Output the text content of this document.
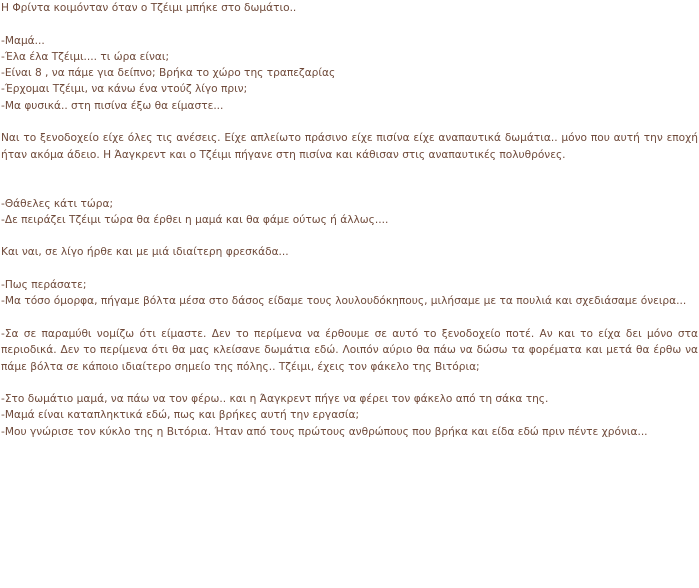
Η Φρίντα κοιμόνταν όταν ο Τζέιμι μπήκε στο δωμάτιο..

-Μαμά...

-Έλα έλα Τζέιμι.... τι ώρα είναι;

-Είναι 8 , να πάμε για δείπνο; Βρήκα το χώρο της τραπεζαρίας

-Έρχομαι Τζέιμι, να κάνω ένα ντούζ λίγο πριν;

-Μα φυσικά.. στη πισίνα έξω θα είμαστε...

Ναι το ξενοδοχείο είχε όλες τις ανέσεις. Είχε απλείωτο πράσινο είχε πισίνα είχε αναπαυτικά δωμάτια.. μόνο που αυτή την εποχή ήταν ακόμα άδειο. Η Άαγκρεντ και ο Τζέιμι πήγανε στη πισίνα και κάθισαν στις αναπαυτικές πολυθρόνες.

-Θάθελες κάτι τώρα;

-Δε πειράζει Τζέιμι τώρα θα έρθει η μαμά και θα φάμε ούτως ή άλλως....

Και ναι, σε λίγο ήρθε και με μιά ιδιαίτερη φρεσκάδα...

-Πως περάσατε;

-Μα τόσο όμορφα, πήγαμε βόλτα μέσα στο δάσος είδαμε τους λουλουδόκηπους, μιλήσαμε με τα πουλιά και σχεδιάσαμε όνειρα...
-Σα σε παραμύθι νομίζω ότι είμαστε. Δεν το περίμενα να έρθουμε σε αυτό το ξενοδοχείο ποτέ. Αν και το είχα δει μόνο στα περιοδικά. Δεν το περίμενα ότι θα μας κλείσανε δωμάτια εδώ. Λοιπόν αύριο θα πάω να δώσω τα φορέματα και μετά θα έρθω να πάμε βόλτα σε κάποιο ιδιαίτερο σημείο της πόλης.. Τζέιμι, έχεις τον φάκελο της Βιτόρια;

-Στο δωμάτιο μαμά, να πάω να τον φέρω.. και η Άαγκρεντ πήγε να φέρει τον φάκελο από τη σάκα της.

-Μαμά είναι καταπληκτικά εδώ, πως και βρήκες αυτή την εργασία;

-Μου γνώρισε τον κύκλο της η Βιτόρια. Ήταν από τους πρώτους ανθρώπους που βρήκα και είδα εδώ πριν πέντε χρόνια...
